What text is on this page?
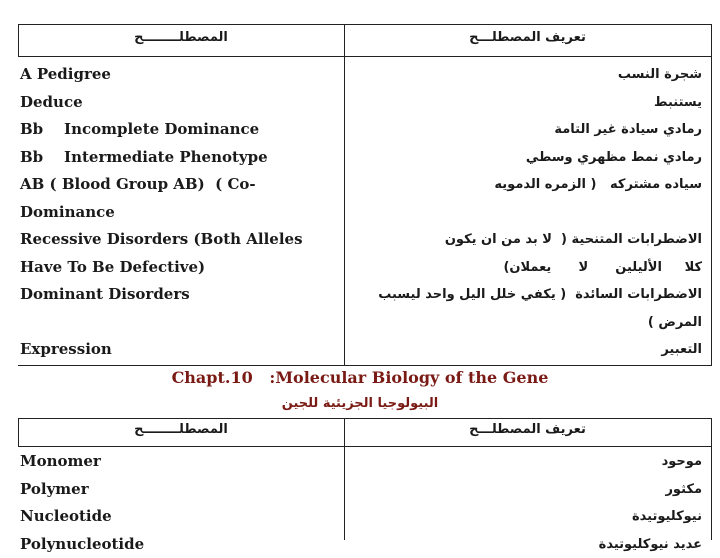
المصطلــــــــح	تعريف المصطلـــح
A Pedigree
Deduce
Bb    Incomplete Dominance
Bb    Intermediate Phenotype
AB ( Blood Group AB)  ( Co-
Dominance
Recessive Disorders (Both Alleles
Have To Be Defective)
Dominant Disorders
Expression
شجرة النسب
يستنبط
رمادي سيادة غير التامة
رمادي نمط مظهري وسطي
سياده مشتركه   ( الزمره الدمويه
الاضطرابات المتنحية (  لا بد من ان يكون
كلا     الأليلين      لا      يعملان)
الاضطرابات السائدة  ( يكفي خلل اليل واحد ليسبب
المرض )
التعبير
Chapt.10   :Molecular Biology of the Gene
البيولوجيا الجزيئية للجين
المصطلــــــــح	تعريف المصطلـــح
Monomer
Polymer
Nucleotide
Polynucleotide
موحود
مكثور
نيوكليوتيدة
عديد نيوكليوتيدة
